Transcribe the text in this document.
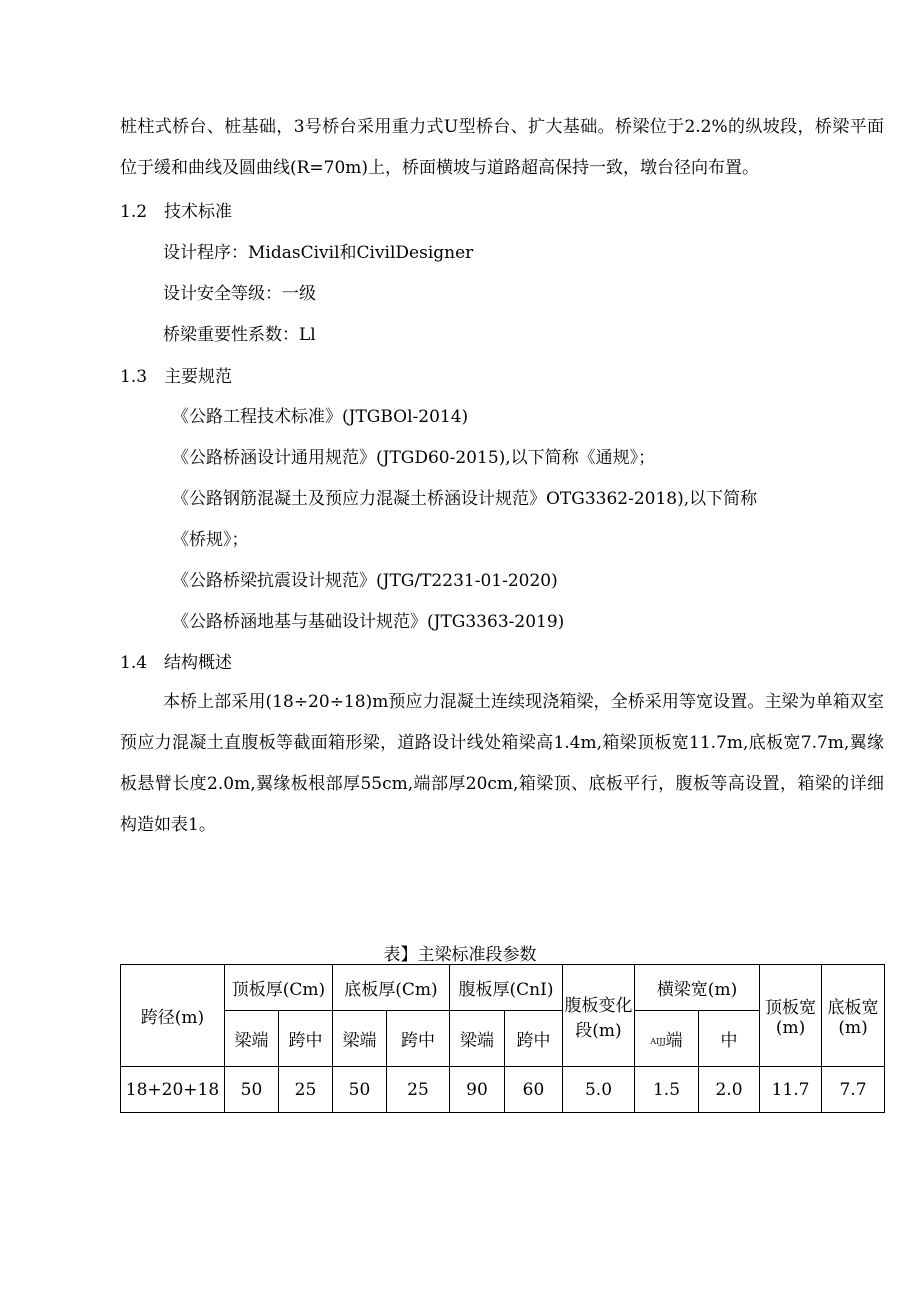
桩柱式桥台、桩基础，3号桥台采用重力式U型桥台、扩大基础。桥梁位于2.2%的纵坡段，桥梁平面位于缓和曲线及圆曲线(R=70m)上，桥面横坡与道路超高保持一致，墩台径向布置。
1.2 技术标准
设计程序：MidasCivil和CivilDesigner
设计安全等级：一级
桥梁重要性系数：Ll
1.3 主要规范
《公路工程技术标准》(JTGBOl-2014)
《公路桥涵设计通用规范》(JTGD60-2015),以下简称《通规》；
《公路钢筋混凝土及预应力混凝土桥涵设计规范》OTG3362-2018),以下简称
《桥规》；
《公路桥梁抗震设计规范》(JTG/T2231-01-2020)
《公路桥涵地基与基础设计规范》(JTG3363-2019)
1.4 结构概述
本桥上部采用(18÷20÷18)m预应力混凝土连续现浇箱梁，全桥采用等宽设置。主梁为单箱双室预应力混凝土直腹板等截面箱形梁，道路设计线处箱梁高1.4m,箱梁顶板宽11.7m,底板宽7.7m,翼缘板悬臂长度2.0m,翼缘板根部厚55cm,端部厚20cm,箱梁顶、底板平行，腹板等高设置，箱梁的详细构造如表1。
表】主梁标准段参数
跨径(m)	顶板厚(Cm)		底板厚(Cm)		腹板厚(CnI)		腹板变化段(m)	横梁宽(m)		顶板宽(m)	底板宽(m)
	梁端	跨中	梁端	跨中	梁端	跨中		AIJJ端	中		
18+20+18	50	25	50	25	90	60	5.0	1.5	2.0	11.7	7.7
